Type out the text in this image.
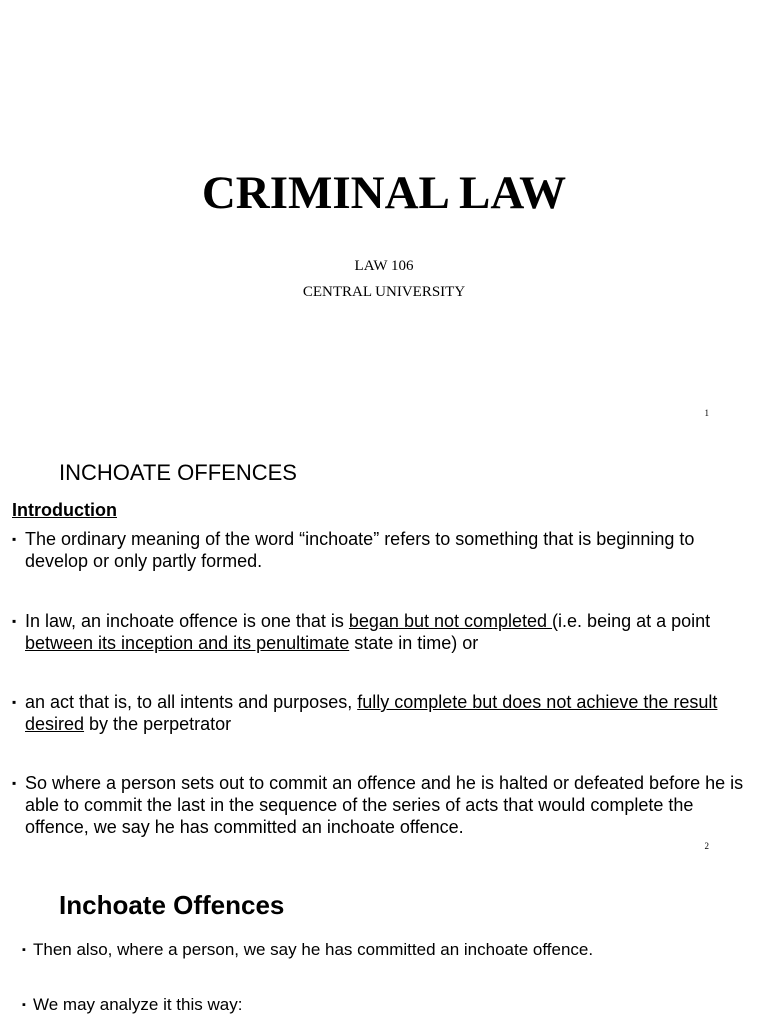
CRIMINAL LAW

LAW 106

CENTRAL UNIVERSITY

1
INCHOATE OFFENCES

Introduction

▪ The ordinary meaning of the word “inchoate” refers to something that is beginning to develop or only partly formed.
▪ In law, an inchoate offence is one that is began but not completed (i.e. being at a point between its inception and its penultimate state in time) or
▪ an act that is, to all intents and purposes, fully complete but does not achieve the result desired by the perpetrator
▪ So where a person sets out to commit an offence and he is halted or defeated before he is able to commit the last in the sequence of the series of acts that would complete the offence, we say he has committed an inchoate offence.
2
Inchoate Offences
▪ Then also, where a person, we say he has committed an inchoate offence.
▪ We may analyze it this way:
